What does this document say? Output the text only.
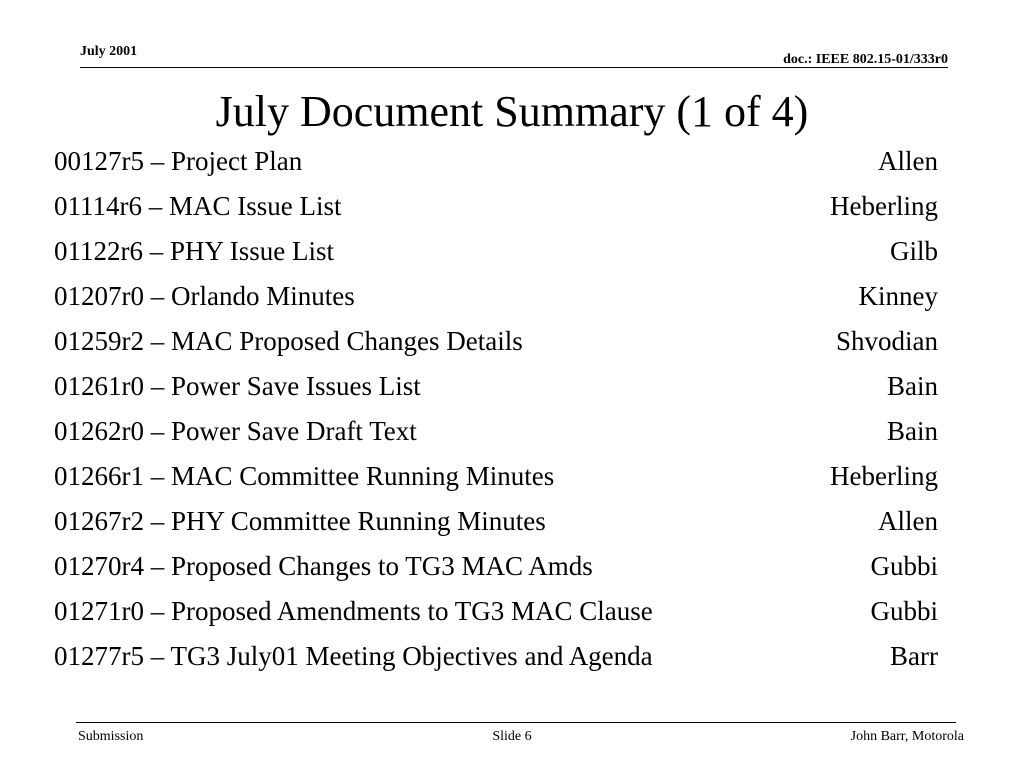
July 2001
doc.: IEEE 802.15-01/333r0
July Document Summary (1 of 4)
00127r5 – Project Plan	Allen
01114r6 – MAC Issue List	Heberling
01122r6 – PHY Issue List	Gilb
01207r0 – Orlando Minutes	Kinney
01259r2 – MAC Proposed Changes Details	Shvodian
01261r0 – Power Save Issues List	Bain
01262r0 – Power Save Draft Text	Bain
01266r1 – MAC Committee Running Minutes	Heberling
01267r2 – PHY Committee Running Minutes	Allen
01270r4 – Proposed Changes to TG3 MAC Amds	Gubbi
01271r0 – Proposed Amendments to TG3 MAC Clause	Gubbi
01277r5 – TG3 July01 Meeting Objectives and Agenda	Barr
Submission	Slide 6	John Barr, Motorola
